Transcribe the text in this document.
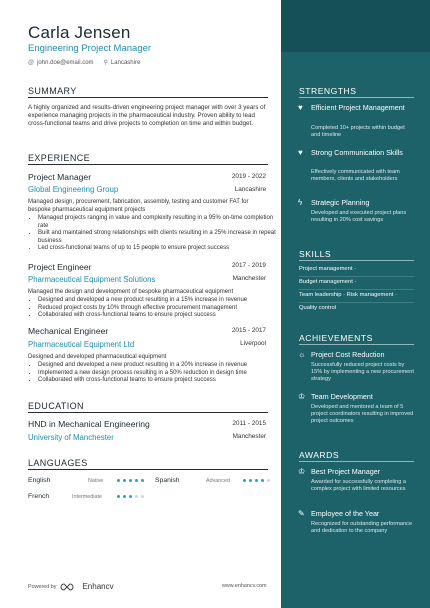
Carla Jensen
Engineering Project Manager
@ john.doe@email.com ⚲ Lancashire
SUMMARY
A highly organized and results-driven engineering project manager with over 3 years of experience managing projects in the pharmaceutical industry. Proven ability to lead cross-functional teams and drive projects to completion on time and within budget.
EXPERIENCE
Project Manager	2019 - 2022
Global Engineering Group	Lancashire
Managed design, procurement, fabrication, assembly, testing and customer FAT for bespoke pharmaceutical equipment projects
• Managed projects ranging in value and complexity resulting in a 95% on-time completion rate
• Built and maintained strong relationships with clients resulting in a 25% increase in repeat business
• Led cross-functional teams of up to 15 people to ensure project success
Project Engineer	2017 - 2019
Pharmaceutical Equipment Solutions	Manchester
Managed the design and development of bespoke pharmaceutical equipment
• Designed and developed a new product resulting in a 15% increase in revenue
• Reduced project costs by 10% through effective procurement management
• Collaborated with cross-functional teams to ensure project success
Mechanical Engineer	2015 - 2017
Pharmaceutical Equipment Ltd	Liverpool
Designed and developed pharmaceutical equipment
• Designed and developed a new product resulting in a 20% increase in revenue
• Implemented a new design process resulting in a 50% reduction in design time
• Collaborated with cross-functional teams to ensure project success
EDUCATION
HND in Mechanical Engineering	2011 - 2015
University of Manchester	Manchester
LANGUAGES
English	Native	Spanish	Advanced
French	Intermediate
Powered by	Enhancv	www.enhancv.com
STRENGTHS
♥ Efficient Project Management
Completed 10+ projects within budget and timeline
♥ Strong Communication Skills
Effectively communicated with team members, clients and stakeholders
ϟ Strategic Planning
Developed and executed project plans resulting in 20% cost savings
SKILLS
Project management ·
Budget management ·
Team leadership · Risk management ·
Quality control
ACHIEVEMENTS
☼ Project Cost Reduction
Successfully reduced project costs by 15% by implementing a new procurement strategy
♔ Team Development
Developed and mentored a team of 5 project coordinators resulting in improved project outcomes
AWARDS
♔ Best Project Manager
Awarded for successfully completing a complex project with limited resources
✎ Employee of the Year
Recognized for outstanding performance and dedication to the company
